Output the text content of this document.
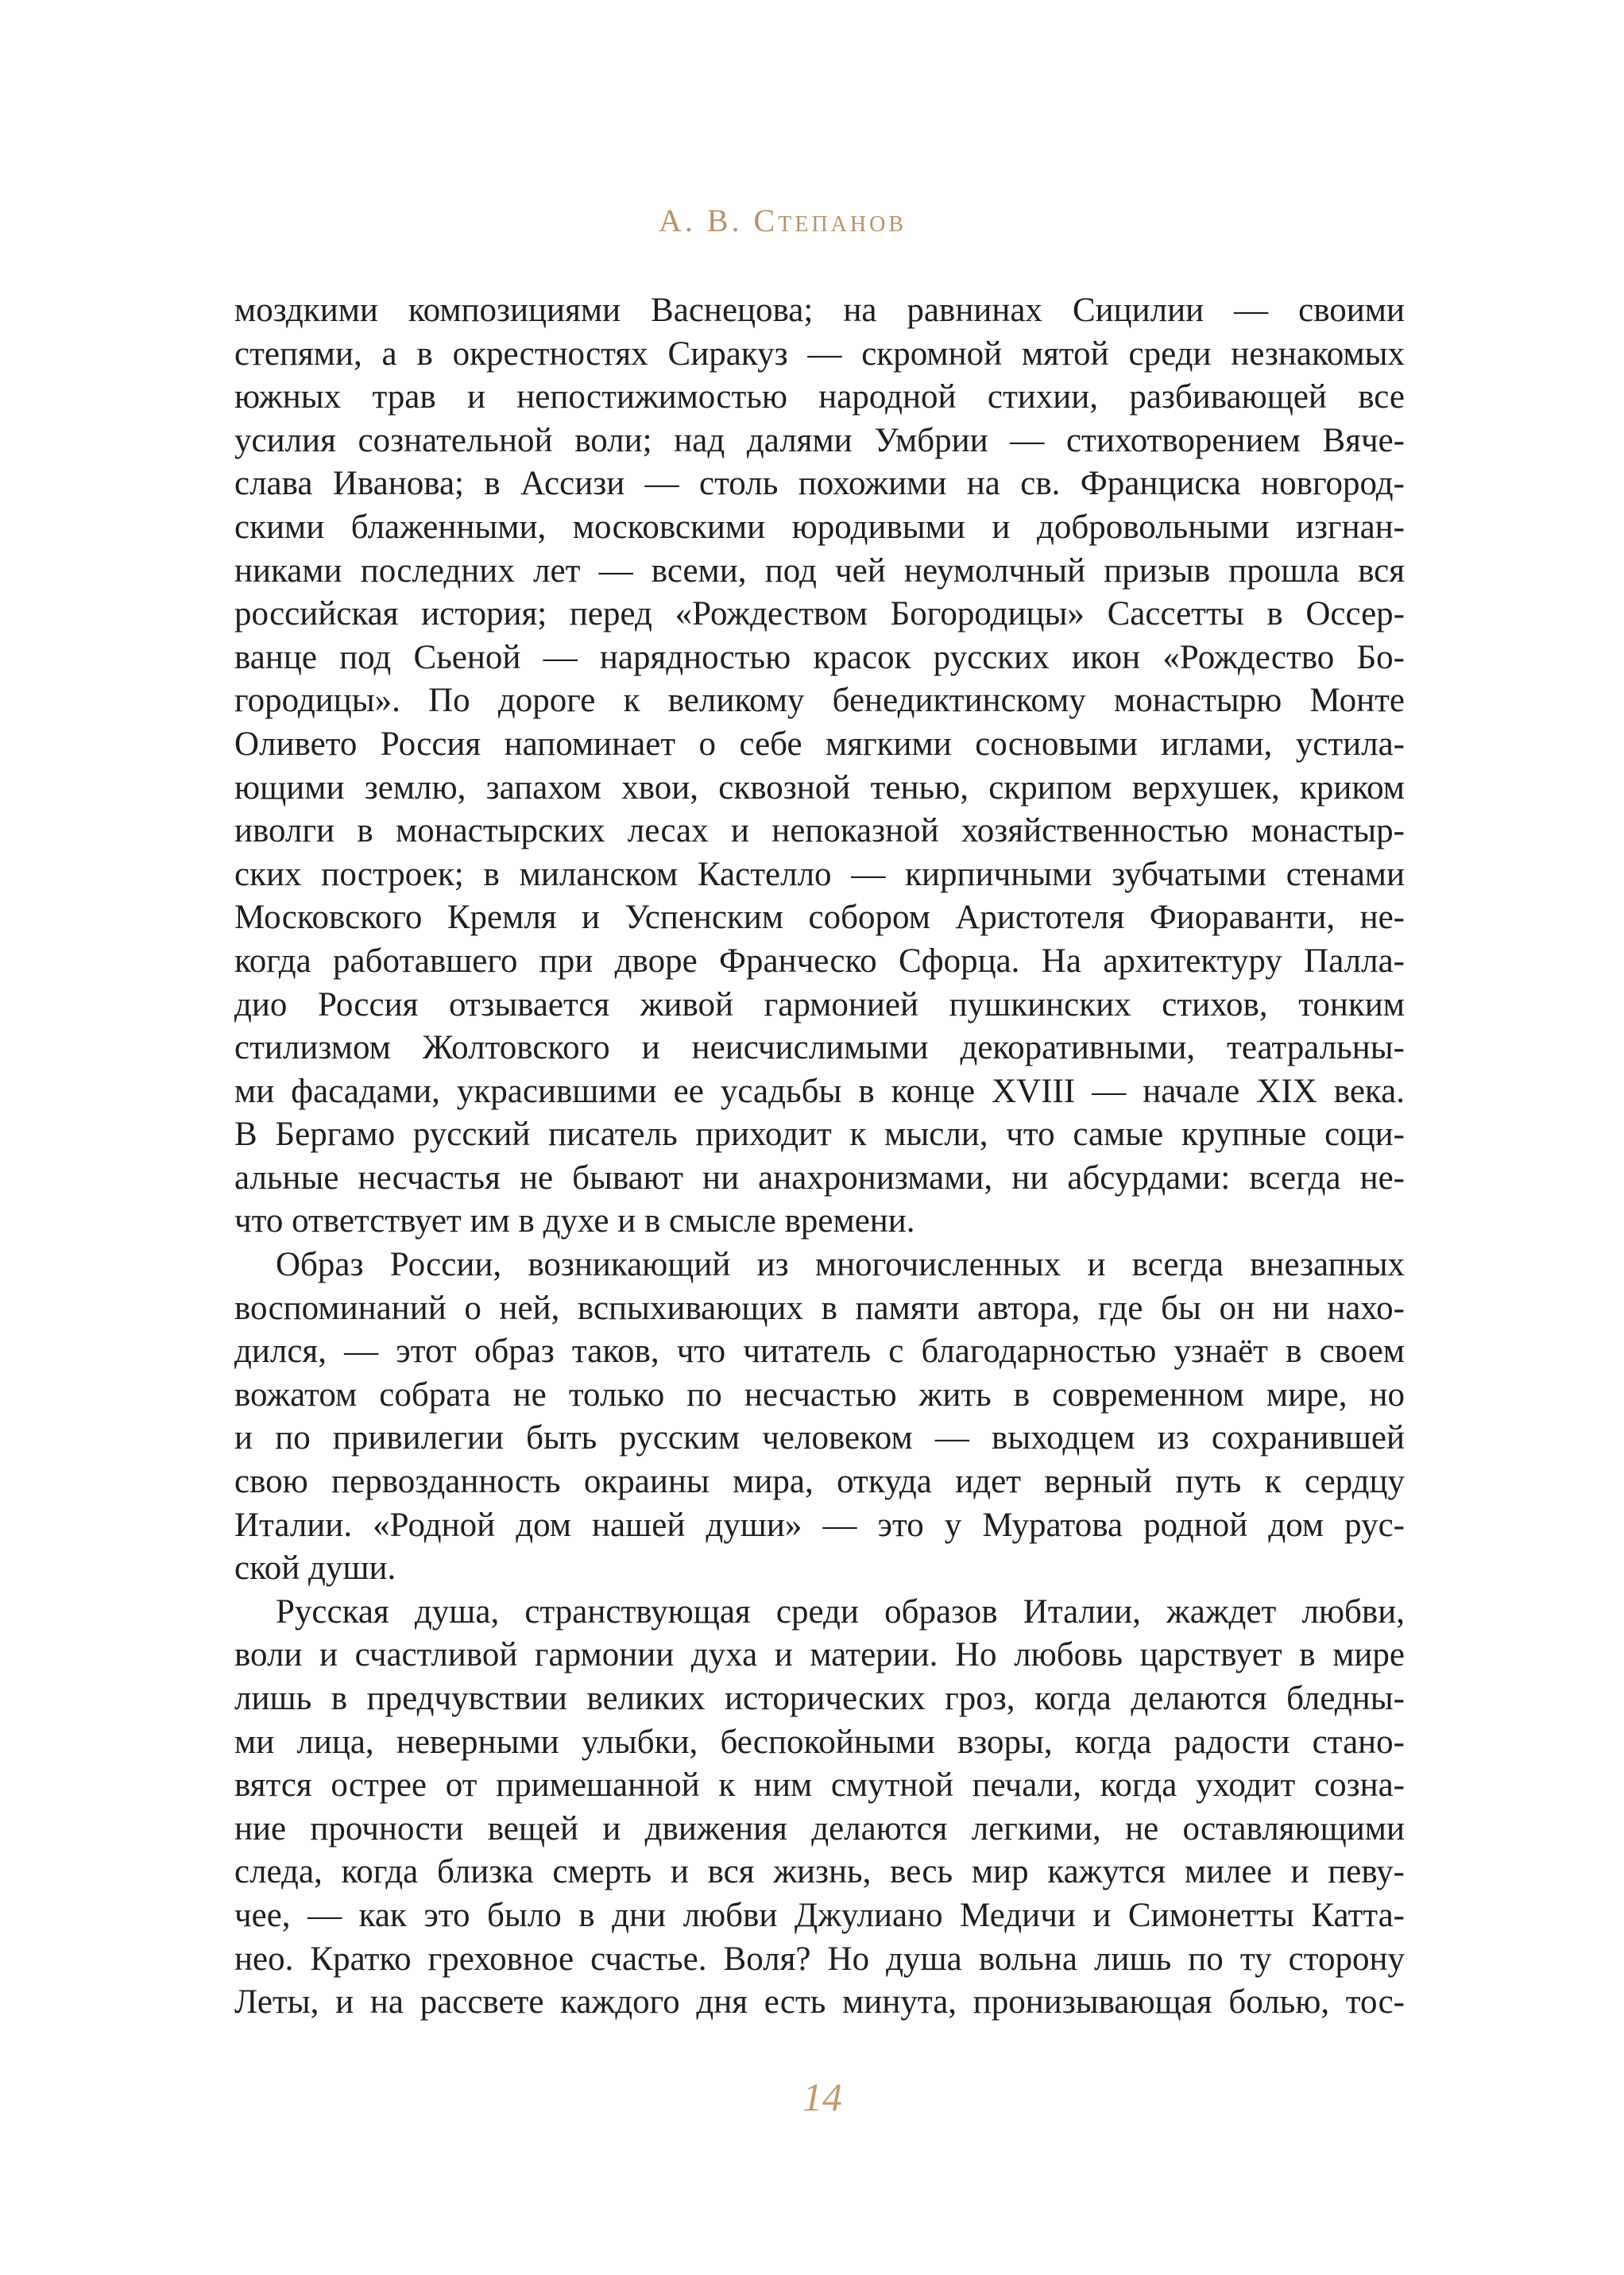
А. В. Степанов
моздкими композициями Васнецова; на равнинах Сицилии — своими
степями, а в окрестностях Сиракуз — скромной мятой среди незнакомых
южных трав и непостижимостью народной стихии, разбивающей все
усилия сознательной воли; над далями Умбрии — стихотворением Вяче-
слава Иванова; в Ассизи — столь похожими на св. Франциска новгород-
скими блаженными, московскими юродивыми и добровольными изгнан-
никами последних лет — всеми, под чей неумолчный призыв прошла вся
российская история; перед «Рождеством Богородицы» Сассетты в Оссер-
ванце под Сьеной — нарядностью красок русских икон «Рождество Бо-
городицы». По дороге к великому бенедиктинскому монастырю Монте
Оливето Россия напоминает о себе мягкими сосновыми иглами, устила-
ющими землю, запахом хвои, сквозной тенью, скрипом верхушек, криком
иволги в монастырских лесах и непоказной хозяйственностью монастыр-
ских построек; в миланском Кастелло — кирпичными зубчатыми стенами
Московского Кремля и Успенским собором Аристотеля Фиораванти, не-
когда работавшего при дворе Франческо Сфорца. На архитектуру Палла-
дио Россия отзывается живой гармонией пушкинских стихов, тонким
стилизмом Жолтовского и неисчислимыми декоративными, театральны-
ми фасадами, украсившими ее усадьбы в конце XVIII — начале XIX века.
В Бергамо русский писатель приходит к мысли, что самые крупные соци-
альные несчастья не бывают ни анахронизмами, ни абсурдами: всегда не-
что ответствует им в духе и в смысле времени.
Образ России, возникающий из многочисленных и всегда внезапных
воспоминаний о ней, вспыхивающих в памяти автора, где бы он ни нахо-
дился, — этот образ таков, что читатель с благодарностью узнаёт в своем
вожатом собрата не только по несчастью жить в современном мире, но
и по привилегии быть русским человеком — выходцем из сохранившей
свою первозданность окраины мира, откуда идет верный путь к сердцу
Италии. «Родной дом нашей души» — это у Муратова родной дом рус-
ской души.
Русская душа, странствующая среди образов Италии, жаждет любви,
воли и счастливой гармонии духа и материи. Но любовь царствует в мире
лишь в предчувствии великих исторических гроз, когда делаются бледны-
ми лица, неверными улыбки, беспокойными взоры, когда радости стано-
вятся острее от примешанной к ним смутной печали, когда уходит созна-
ние прочности вещей и движения делаются легкими, не оставляющими
следа, когда близка смерть и вся жизнь, весь мир кажутся милее и певу-
чее, — как это было в дни любви Джулиано Медичи и Симонетты Катта-
нео. Кратко греховное счастье. Воля? Но душа вольна лишь по ту сторону
Леты, и на рассвете каждого дня есть минута, пронизывающая болью, тос-
14
